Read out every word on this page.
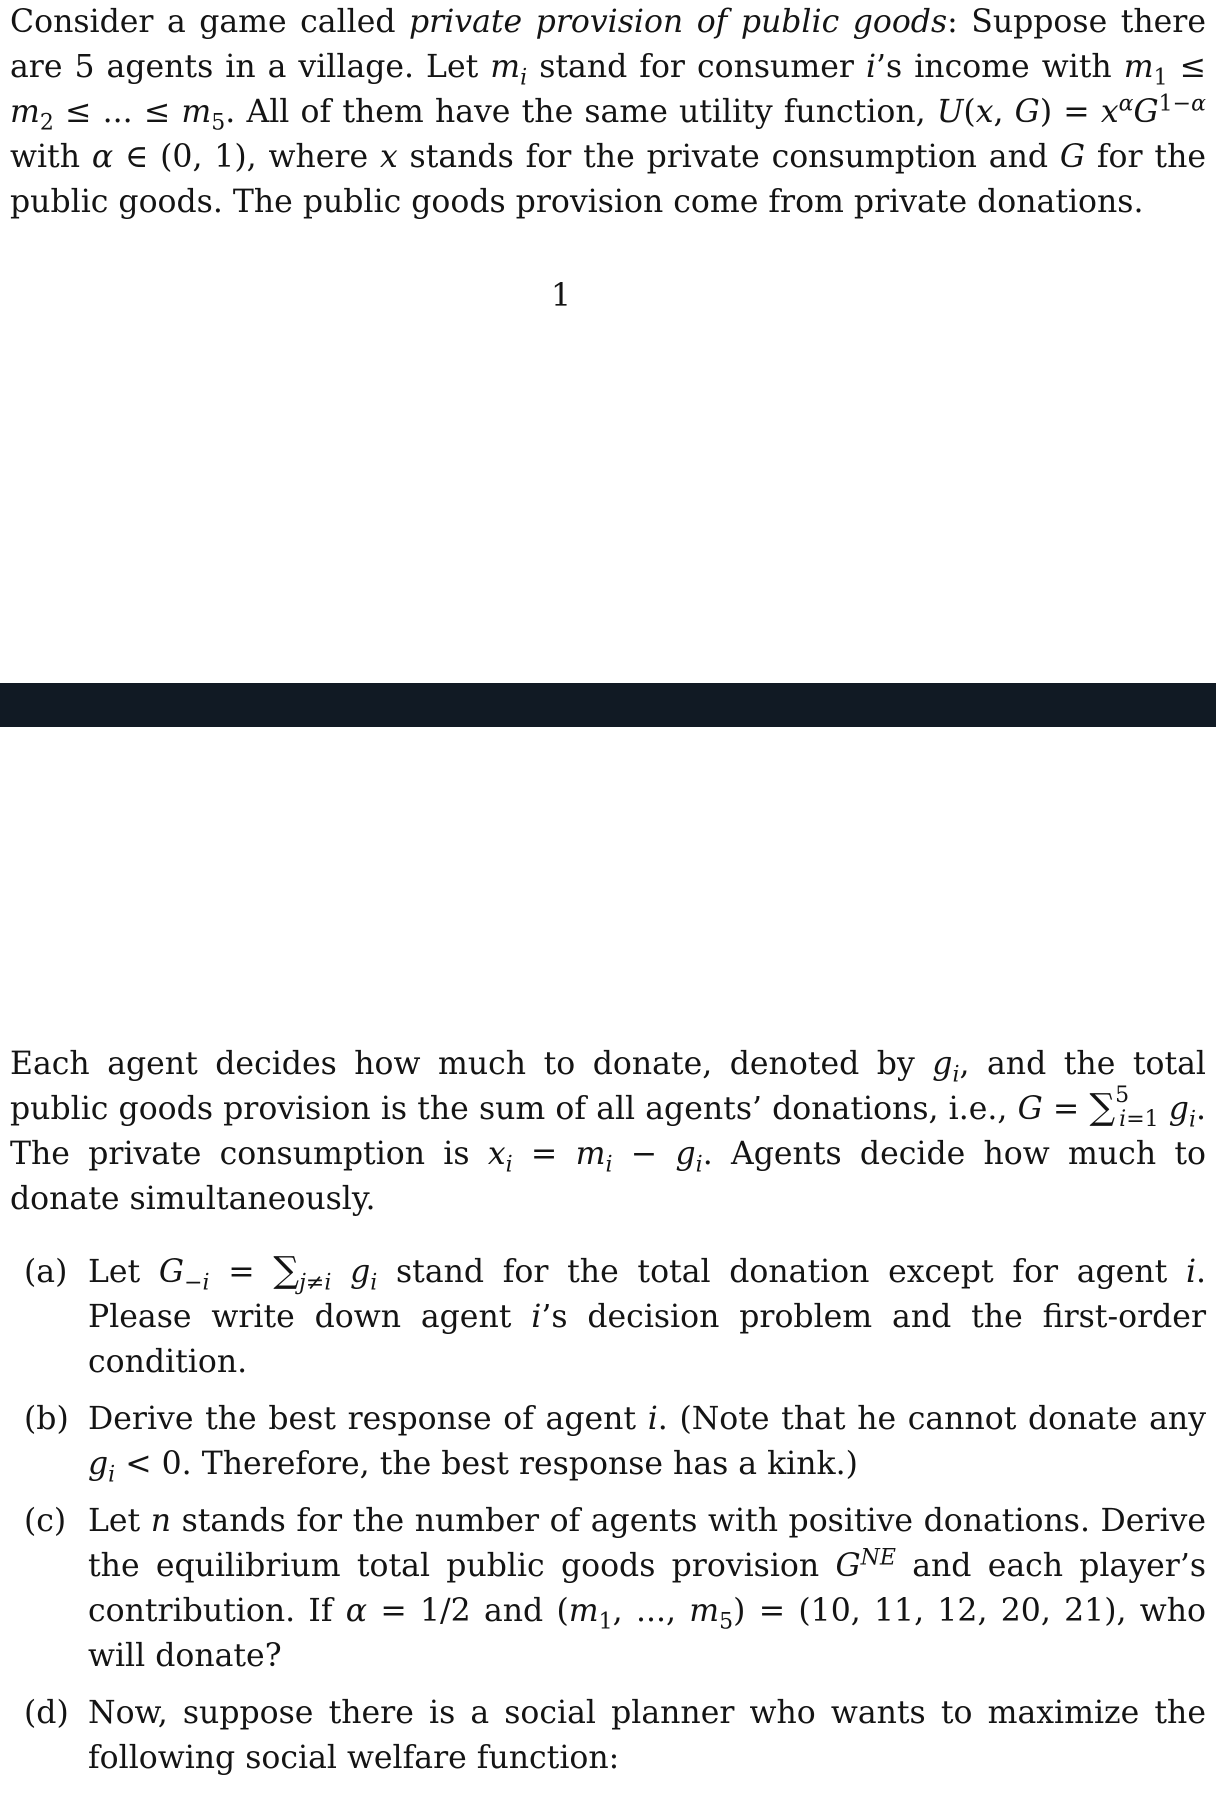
Consider a game called private provision of public goods: Suppose there are 5 agents in a village. Let $m_i$ stand for consumer i’s income with $m_1 \le m_2$ ≤ ... ≤ $m_5$. All of them have the same utility function, U(x, $G) = x^\alpha G^{1-\alpha}$ with α ∈ (0, 1), where x stands for the private consumption and G for the public goods. The public goods provision come from private donations.

1

Each agent decides how much to donate, denoted by $g_i$, and the total public goods provision is the sum of all agents’ donations, i.e., G = ∑$^5_{i=1}$ $g_i$. The private consumption is $x_i = m_i - g_i$. Agents decide how much to donate simultaneously.

(a) Let $G_{-i} = \sum_{j\ne i}$ $g_i$ stand for the total donation except for agent i. Please write down agent i’s decision problem and the first-order condition.
(b) Derive the best response of agent i. (Note that he cannot donate any $g_i < 0$. Therefore, the best response has a kink.)
(c) Let n stands for the number of agents with positive donations. Derive the equilibrium total public goods provision $G^{NE}$ and each player’s contribution. If α = 1/2 and ($m_1$, ..., $m_5) = (10$, 11, 12, 20, 21), who will donate?
(d) Now, suppose there is a social planner who wants to maximize the following social welfare function:
